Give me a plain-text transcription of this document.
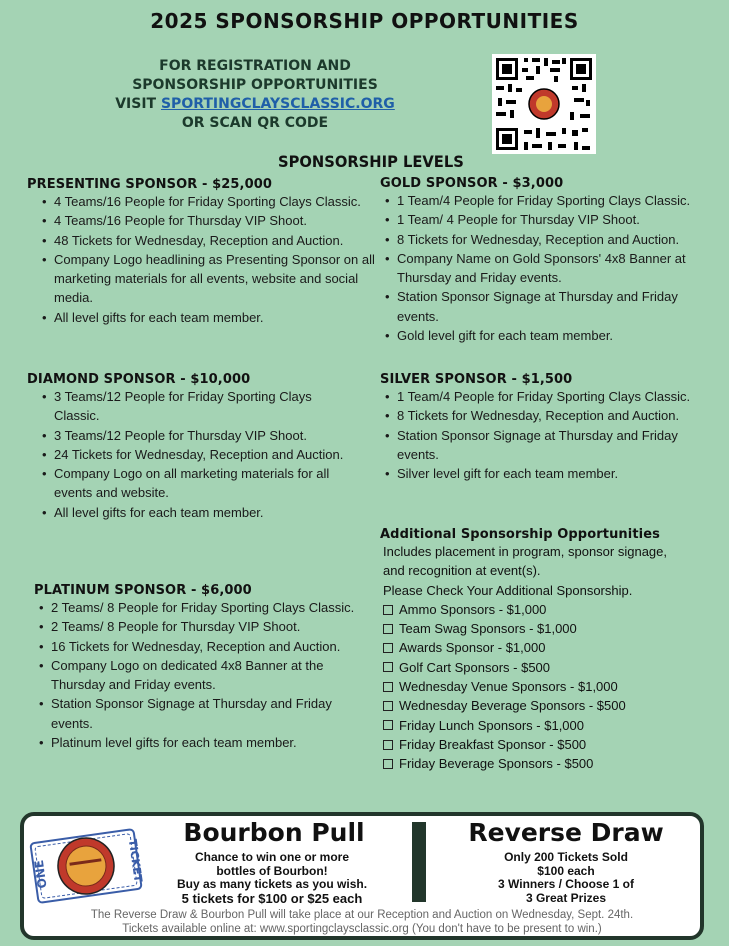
2025 SPONSORSHIP OPPORTUNITIES
FOR REGISTRATION AND
SPONSORSHIP OPPORTUNITIES
VISIT SPORTINGCLAYSCLASSIC.ORG
OR SCAN QR CODE
SPONSORSHIP LEVELS
PRESENTING SPONSOR - $25,000
• 4 Teams/16 People for Friday Sporting Clays Classic.
• 4 Teams/16 People for Thursday VIP Shoot.
• 48 Tickets for Wednesday, Reception and Auction.
• Company Logo headlining as Presenting Sponsor on all marketing materials for all events, website and social media.
• All level gifts for each team member.
DIAMOND SPONSOR - $10,000
• 3 Teams/12 People for Friday Sporting Clays Classic.
• 3 Teams/12 People for Thursday VIP Shoot.
• 24 Tickets for Wednesday, Reception and Auction.
• Company Logo on all marketing materials for all events and website.
• All level gifts for each team member.
PLATINUM SPONSOR - $6,000
• 2 Teams/ 8 People for Friday Sporting Clays Classic.
• 2 Teams/ 8 People for Thursday VIP Shoot.
• 16 Tickets for Wednesday, Reception and Auction.
• Company Logo on dedicated 4x8 Banner at the Thursday and Friday events.
• Station Sponsor Signage at Thursday and Friday events.
• Platinum level gifts for each team member.
GOLD SPONSOR - $3,000
• 1 Team/4 People for Friday Sporting Clays Classic.
• 1 Team/ 4 People for Thursday VIP Shoot.
• 8 Tickets for Wednesday, Reception and Auction.
• Company Name on Gold Sponsors' 4x8 Banner at Thursday and Friday events.
• Station Sponsor Signage at Thursday and Friday events.
• Gold level gift for each team member.
SILVER SPONSOR - $1,500
• 1 Team/4 People for Friday Sporting Clays Classic.
• 8 Tickets for Wednesday, Reception and Auction.
• Station Sponsor Signage at Thursday and Friday events.
• Silver level gift for each team member.
Additional Sponsorship Opportunities

Includes placement in program, sponsor signage, and recognition at event(s).

Please Check Your Additional Sponsorship.

Ammo Sponsors - $1,000
Team Swag Sponsors - $1,000
Awards Sponsor - $1,000
Golf Cart Sponsors - $500
Wednesday Venue Sponsors - $1,000
Wednesday Beverage Sponsors - $500
Friday Lunch Sponsors - $1,000
Friday Breakfast Sponsor - $500
Friday Beverage Sponsors - $500
ONE	TICKET
Bourbon Pull
Chance to win one or more
bottles of Bourbon!
Buy as many tickets as you wish.
5 tickets for $100 or $25 each
Reverse Draw
Only 200 Tickets Sold
$100 each
3 Winners / Choose 1 of
3 Great Prizes
The Reverse Draw & Bourbon Pull will take place at our Reception and Auction on Wednesday, Sept. 24th.
Tickets available online at: www.sportingclaysclassic.org (You don't have to be present to win.)
